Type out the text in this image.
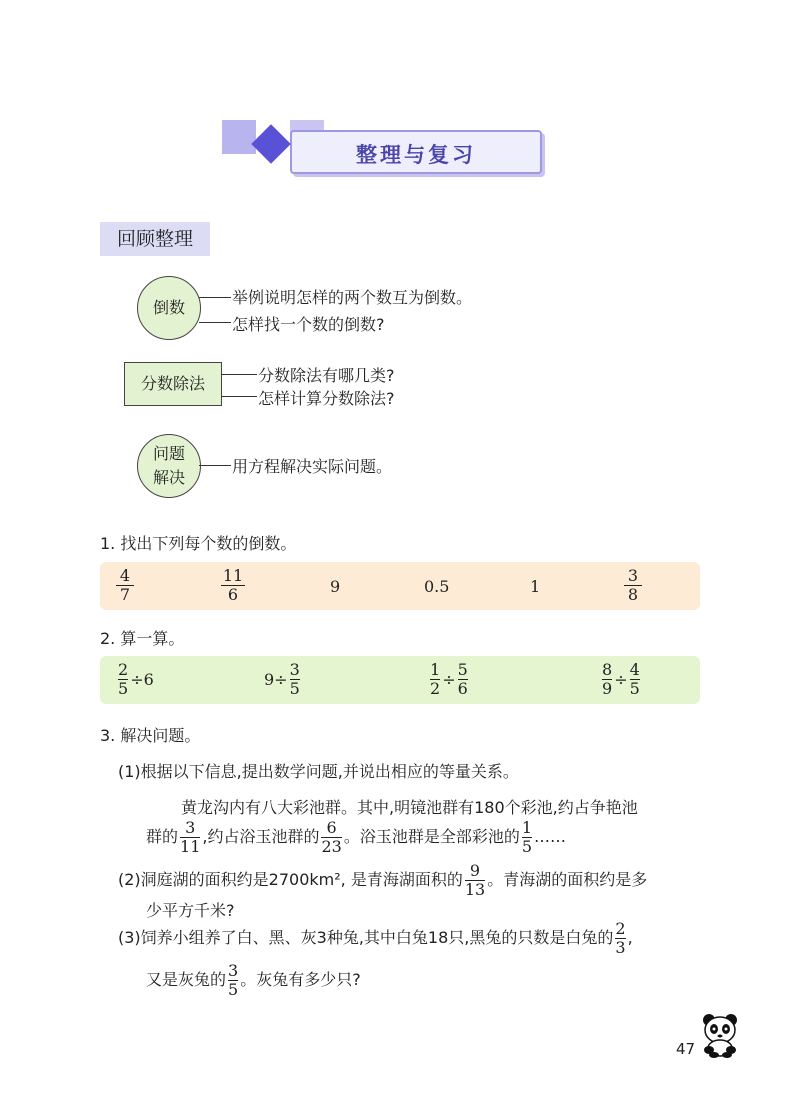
整理与复习
回顾整理
倒数
举例说明怎样的两个数互为倒数。
怎样找一个数的倒数?
分数除法	分数除法有哪几类?
怎样计算分数除法?
问题
解决
用方程解决实际问题。
1. 找出下列每个数的倒数。
$\frac{4}{7}$	$\frac{11}{6}$	9	0.5	1	$\frac{3}{8}$
2. 算一算。
$\frac{2}{5} \div 6$	$9\div \frac{3}{5}$	$\frac{1}{2} \div \frac{5}{6}$	$\frac{8}{9} \div \frac{4}{5}$
3. 解决问题。
(1)根据以下信息,提出数学问题,并说出相应的等量关系。
黄龙沟内有八大彩池群。其中,明镜池群有180个彩池,约占争艳池
群的 $\frac{3}{11}$ ,约占浴玉池群的 $\frac{6}{23}$ 。浴玉池群是全部彩池的 $\frac{1}{5}$ ……
(2)洞庭湖的面积约是2700km², 是青海湖面积的 $\frac{9}{13}$ 。青海湖的面积约是多
少平方千米?
(3)饲养小组养了白、黑、灰3种兔,其中白兔18只,黑兔的只数是白兔的 $\frac{2}{3}$ ,
又是灰兔的 $\frac{3}{5}$ 。灰兔有多少只?
47
